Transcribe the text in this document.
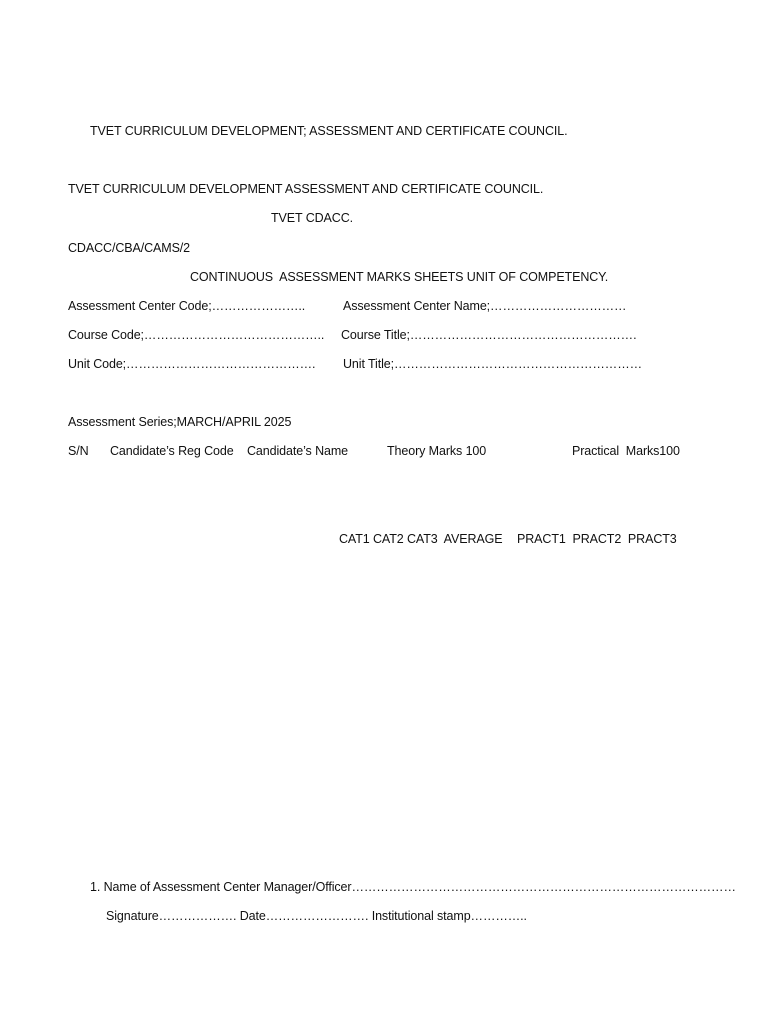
TVET CURRICULUM DEVELOPMENT; ASSESSMENT AND CERTIFICATE COUNCIL.
TVET CURRICULUM DEVELOPMENT ASSESSMENT AND CERTIFICATE COUNCIL.
TVET CDACC.
CDACC/CBA/CAMS/2
CONTINUOUS  ASSESSMENT MARKS SHEETS UNIT OF COMPETENCY.
Assessment Center Code;…………………..	Assessment Center Name;……………………………
Course Code;…………………………………….. Course Title;……………………………………………….
Unit Code;………………………………………. Unit Title;……………………………………………………
Assessment Series;MARCH/APRIL 2025
S/N Candidate’s Reg Code Candidate’s Name	Theory Marks 100	Practical  Marks100
CAT1 CAT2 CAT3  AVERAGE PRACT1  PRACT2  PRACT3
1. Name of Assessment Center Manager/Officer…………………………………………………………………………………
Signature………………. Date……………………. Institutional stamp…………..
